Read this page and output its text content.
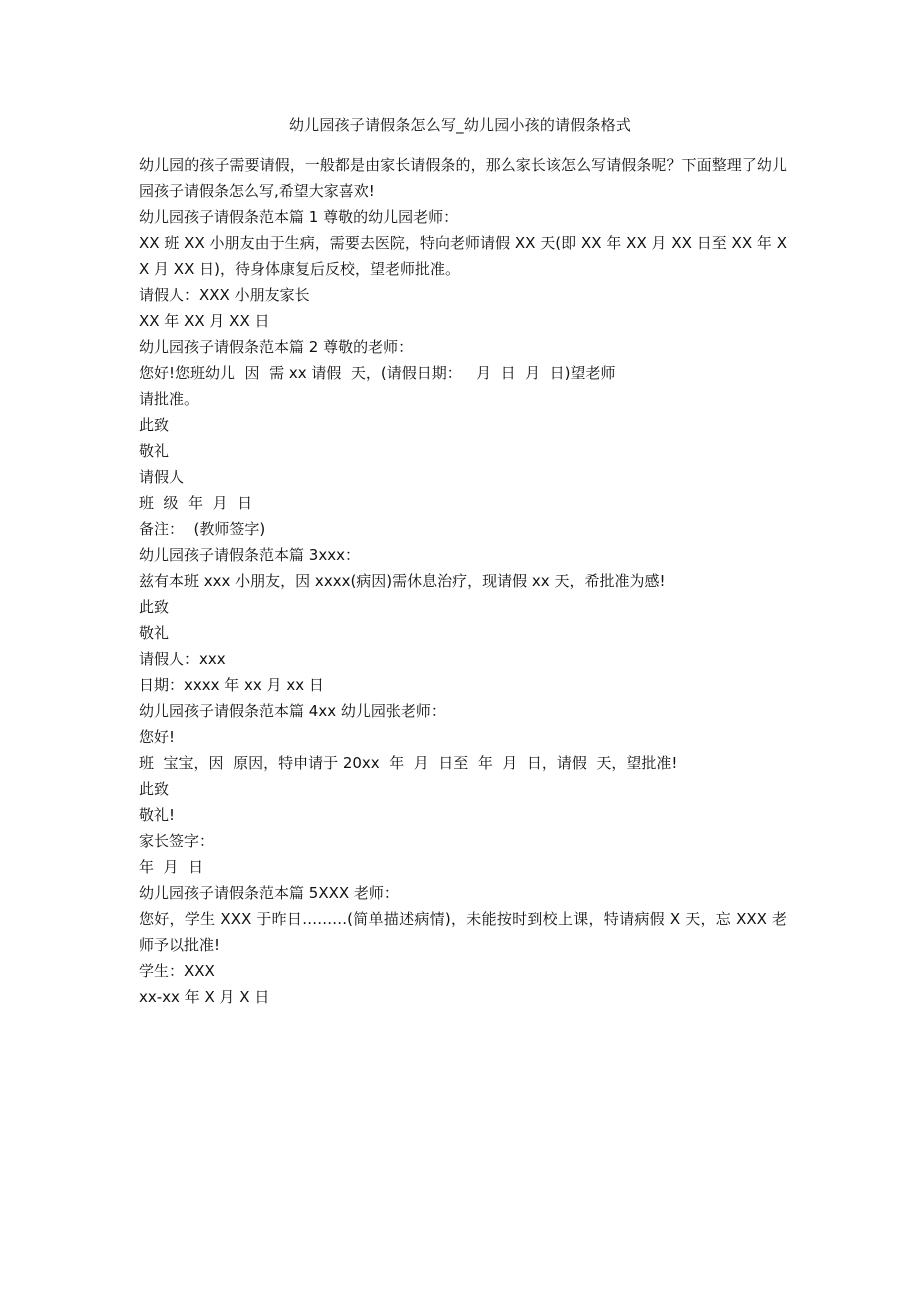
幼儿园孩子请假条怎么写_幼儿园小孩的请假条格式

幼儿园的孩子需要请假，一般都是由家长请假条的，那么家长该怎么写请假条呢？下面整理了幼儿园孩子请假条怎么写,希望大家喜欢!

幼儿园孩子请假条范本篇 1 尊敬的幼儿园老师：

XX 班 XX 小朋友由于生病，需要去医院，特向老师请假 XX 天(即 XX 年 XX 月 XX 日至 XX 年 XX 月 XX 日)，待身体康复后反校，望老师批准。

请假人：XXX 小朋友家长

XX 年 XX 月 XX 日

幼儿园孩子请假条范本篇 2 尊敬的老师：

您好!您班幼儿  因  需 xx 请假  天，(请假日期：   月  日  月  日)望老师

请批准。

此致

敬礼

请假人

班  级  年  月  日

备注：  (教师签字)

幼儿园孩子请假条范本篇 3xxx：

兹有本班 xxx 小朋友，因 xxxx(病因)需休息治疗，现请假 xx 天，希批准为感!

此致

敬礼

请假人：xxx

日期：xxxx 年 xx 月 xx 日

幼儿园孩子请假条范本篇 4xx 幼儿园张老师：

您好!

班  宝宝，因  原因，特申请于 20xx  年  月  日至  年  月  日，请假  天，望批准!

此致

敬礼!

家长签字：

年  月  日

幼儿园孩子请假条范本篇 5XXX 老师：

您好，学生 XXX 于昨日………(简单描述病情)，未能按时到校上课，特请病假 X 天，忘 XXX 老师予以批准!

学生：XXX

xx-xx 年 X 月 X 日
